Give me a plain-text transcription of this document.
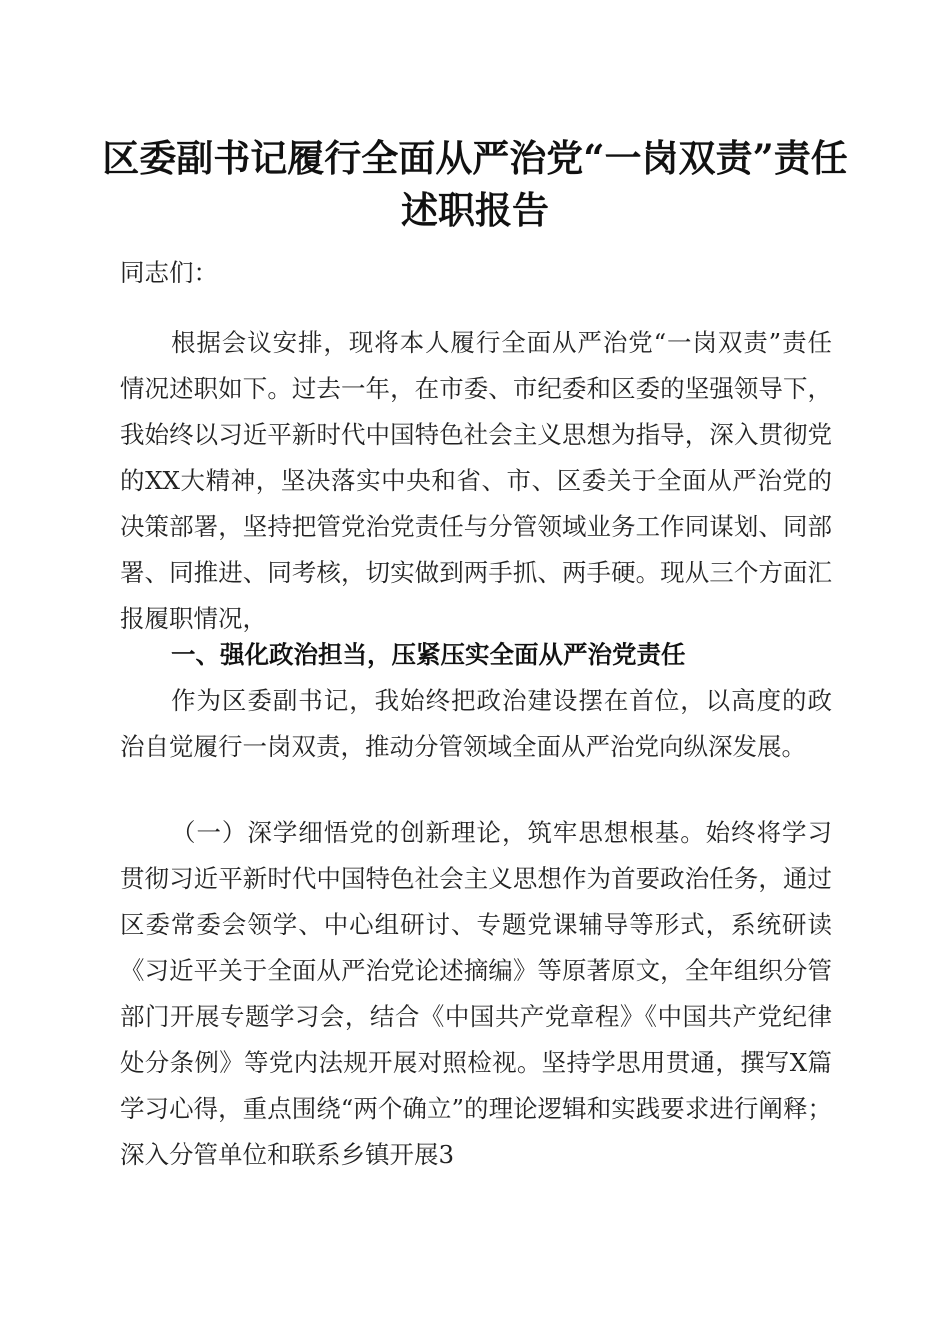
区委副书记履行全面从严治党“一岗双责”责任述职报告

同志们：

根据会议安排，现将本人履行全面从严治党“一岗双责”责任情况述职如下。过去一年，在市委、市纪委和区委的坚强领导下，我始终以习近平新时代中国特色社会主义思想为指导，深入贯彻党的XX大精神，坚决落实中央和省、市、区委关于全面从严治党的决策部署，坚持把管党治党责任与分管领域业务工作同谋划、同部署、同推进、同考核，切实做到两手抓、两手硬。现从三个方面汇报履职情况，

一、强化政治担当，压紧压实全面从严治党责任

作为区委副书记，我始终把政治建设摆在首位，以高度的政治自觉履行一岗双责，推动分管领域全面从严治党向纵深发展。

（一）深学细悟党的创新理论，筑牢思想根基。始终将学习贯彻习近平新时代中国特色社会主义思想作为首要政治任务，通过区委常委会领学、中心组研讨、专题党课辅导等形式，系统研读《习近平关于全面从严治党论述摘编》等原著原文，全年组织分管部门开展专题学习会，结合《中国共产党章程》《中国共产党纪律处分条例》等党内法规开展对照检视。坚持学思用贯通，撰写X篇学习心得，重点围绕“两个确立”的理论逻辑和实践要求进行阐释；深入分管单位和联系乡镇开展3
